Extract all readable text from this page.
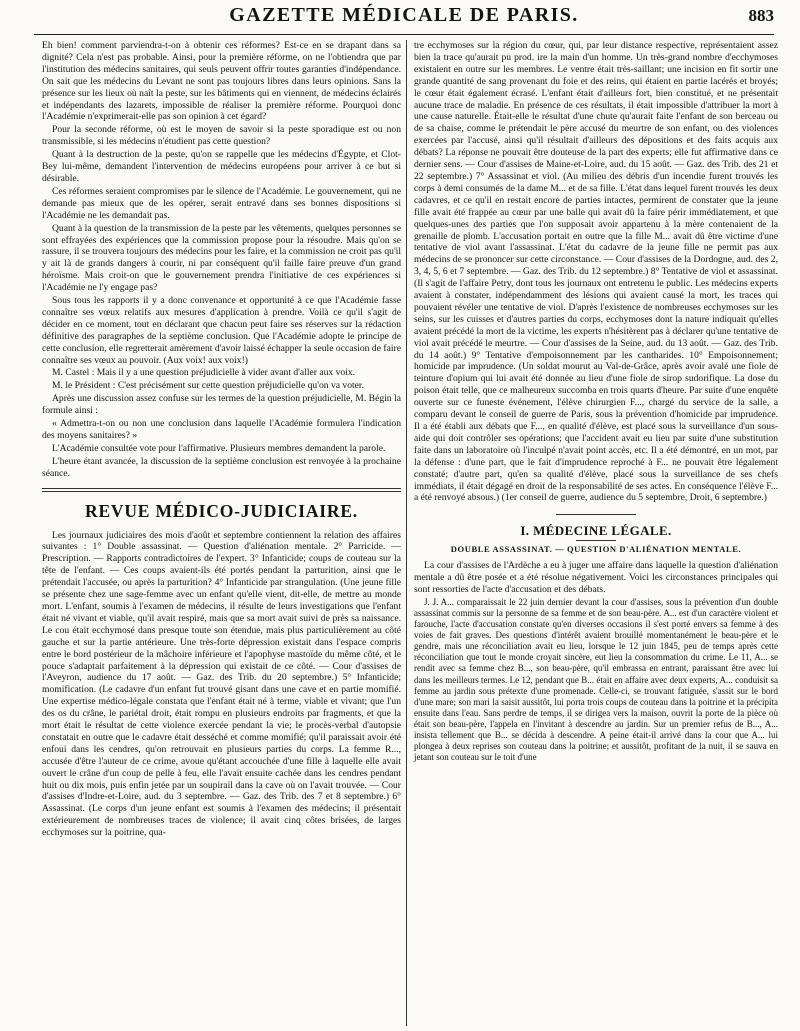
GAZETTE MÉDICALE DE PARIS.	883

Eh bien! comment parviendra-t-on à obtenir ces réformes? Est-ce en se drapant dans sa dignité? Cela n'est pas probable. Ainsi, pour la première réforme, on ne l'obtiendra que par l'institution des médecins sanitaires, qui seuls peuvent offrir toutes garanties d'indépendance. On sait que les médecins du Levant ne sont pas toujours libres dans leurs opinions. Sans la présence sur les lieux où naît la peste, sur les bâtiments qui en viennent, de médecins éclairés et indépendants des lazarets, impossible de réaliser la première réforme. Pourquoi donc l'Académie n'exprimerait-elle pas son opinion à cet égard?

Pour la seconde réforme, où est le moyen de savoir si la peste sporadique est ou non transmissible, si les médecins n'étudient pas cette question?

Quant à la destruction de la peste, qu'on se rappelle que les médecins d'Égypte, et Clot-Bey lui-même, demandent l'intervention de médecins européens pour arriver à ce but si désirable.

Ces réformes seraient compromises par le silence de l'Académie. Le gouvernement, qui ne demande pas mieux que de les opérer, serait entravé dans ses bonnes dispositions si l'Académie ne les demandait pas.

Quant à la question de la transmission de la peste par les vêtements, quelques personnes se sont effrayées des expériences que la commission propose pour la résoudre. Mais qu'on se rassure, il se trouvera toujours des médecins pour les faire, et la commission ne croit pas qu'il y ait là de grands dangers à courir, ni par conséquent qu'il faille faire preuve d'un grand héroïsme. Mais croit-on que le gouvernement prendra l'initiative de ces expériences si l'Académie ne l'y engage pas?

Sous tous les rapports il y a donc convenance et opportunité à ce que l'Académie fasse connaître ses vœux relatifs aux mesures d'application à prendre. Voilà ce qu'il s'agit de décider en ce moment, tout en déclarant que chacun peut faire ses réserves sur la rédaction définitive des paragraphes de la septième conclusion. Que l'Académie adopte le principe de cette conclusion, elle regretterait amèrement d'avoir laissé échapper la seule occasion de faire connaître ses vœux au pouvoir. (Aux voix! aux voix!)

M. Castel : Mais il y a une question préjudicielle à vider avant d'aller aux voix.

M. le Président : C'est précisément sur cette question préjudicielle qu'on va voter.

Après une discussion assez confuse sur les termes de la question préjudicielle, M. Bégin la formule ainsi :

« Admettra-t-on ou non une conclusion dans laquelle l'Académie formulera l'indication des moyens sanitaires? »

L'Académie consultée vote pour l'affirmative. Plusieurs membres demandent la parole.

L'heure étant avancée, la discussion de la septième conclusion est renvoyée à la prochaine séance.

REVUE MÉDICO-JUDICIAIRE.

Les journaux judiciaires des mois d'août et septembre contiennent la relation des affaires suivantes : 1° Double assassinat. — Question d'aliénation mentale. 2° Parricide. — Prescription. — Rapports contradictoires de l'expert. 3° Infanticide; coups de couteau sur la tête de l'enfant. — Ces coups avaient-ils été portés pendant la parturition, ainsi que le prétendait l'accusée, ou après la parturition? 4° Infanticide par strangulation. (Une jeune fille se présente chez une sage-femme avec un enfant qu'elle vient, dit-elle, de mettre au monde mort. L'enfant, soumis à l'examen de médecins, il résulte de leurs investigations que l'enfant était né vivant et viable, qu'il avait respiré, mais que sa mort avait suivi de près sa naissance. Le cou était ecchymosé dans presque toute son étendue, mais plus particulièrement au côté gauche et sur la partie antérieure. Une très-forte dépression existait dans l'espace compris entre le bord postérieur de la mâchoire inférieure et l'apophyse mastoïde du même côté, et le pouce s'adaptait parfaitement à la dépression qui existait de ce côté. — Cour d'assises de l'Aveyron, audience du 17 août. — Gaz. des Trib. du 20 septembre.) 5° Infanticide; momification. (Le cadavre d'un enfant fut trouvé gisant dans une cave et en partie momifié. Une expertise médico-légale constata que l'enfant était né à terme, viable et vivant; que l'un des os du crâne, le pariétal droit, était rompu en plusieurs endroits par fragments, et que la mort était le résultat de cette violence exercée pendant la vie; le procès-verbal d'autopsie constatait en outre que le cadavre était desséché et comme momifié; qu'il paraissait avoir été enfoui dans les cendres, qu'on retrouvait en plusieurs parties du corps. La femme R..., accusée d'être l'auteur de ce crime, avoue qu'étant accouchée d'une fille à laquelle elle avait ouvert le crâne d'un coup de pelle à feu, elle l'avait ensuite cachée dans les cendres pendant huit ou dix mois, puis enfin jetée par un soupirail dans la cave où on l'avait trouvée. — Cour d'assises d'Indre-et-Loire, aud. du 3 septembre. — Gaz. des Trib. des 7 et 8 septembre.) 6° Assassinat. (Le corps d'un jeune enfant est soumis à l'examen des médecins; il présentait extérieurement de nombreuses traces de violence; il avait cinq côtes brisées, de larges ecchymoses sur la poitrine, qua-

tre ecchymoses sur la région du cœur, qui, par leur distance respective, représentaient assez bien la trace qu'aurait pu prod. ire la main d'un homme. Un très-grand nombre d'ecchymoses existaient en outre sur les membres. Le ventre était très-saillant; une incision en fit sortir une grande quantité de sang provenant du foie et des reins, qui étaient en partie lacérés et broyés; le cœur était également écrasé. L'enfant était d'ailleurs fort, bien constitué, et ne présentait aucune trace de maladie. En présence de ces résultats, il était impossible d'attribuer la mort à une cause naturelle. Était-elle le résultat d'une chute qu'aurait faite l'enfant de son berceau ou de sa chaise, comme le prétendait le père accusé du meurtre de son enfant, ou des violences exercées par l'accusé, ainsi qu'il résultait d'ailleurs des dépositions et des faits acquis aux débats? La réponse ne pouvait être douteuse de la part des experts; elle fut affirmative dans ce dernier sens. — Cour d'assises de Maine-et-Loire, aud. du 15 août. — Gaz. des Trib. des 21 et 22 septembre.) 7° Assassinat et viol. (Au milieu des débris d'un incendie furent trouvés les corps à demi consumés de la dame M... et de sa fille. L'état dans lequel furent trouvés les deux cadavres, et ce qu'il en restait encore de parties intactes, permirent de constater que la jeune fille avait été frappée au cœur par une balle qui avait dû la faire périr immédiatement, et que quelques-unes des parties que l'on supposait avoir appartenu à la mère contenaient de la grenaille de plomb. L'accusation portait en outre que la fille M... avait dû être victime d'une tentative de viol avant l'assassinat. L'état du cadavre de la jeune fille ne permit pas aux médecins de se prononcer sur cette circonstance. — Cour d'assises de la Dordogne, aud. des 2, 3, 4, 5, 6 et 7 septembre. — Gaz. des Trib. du 12 septembre.) 8° Tentative de viol et assassinat. (Il s'agit de l'affaire Petry, dont tous les journaux ont entretenu le public. Les médecins experts avaient à constater, indépendamment des lésions qui avaient causé la mort, les traces qui pouvaient révéler une tentative de viol. D'après l'existence de nombreuses ecchymoses sur les seins, sur les cuisses et d'autres parties du corps, ecchymoses dont la nature indiquait qu'elles avaient précédé la mort de la victime, les experts n'hésitèrent pas à déclarer qu'une tentative de viol avait précédé le meurtre. — Cour d'assises de la Seine, aud. du 13 août. — Gaz. des Trib. du 14 août.) 9° Tentative d'empoisonnement par les cantharides. 10° Empoisonnement; homicide par imprudence. (Un soldat mourut au Val-de-Grâce, après avoir avalé une fiole de teinture d'opium qui lui avait été donnée au lieu d'une fiole de sirop sudorifique. La dose du poison était telle, que ce malheureux succomba en trois quarts d'heure. Par suite d'une enquête ouverte sur ce funeste événement, l'élève chirurgien F..., chargé du service de la salle, a comparu devant le conseil de guerre de Paris, sous la prévention d'homicide par imprudence. Il a été établi aux débats que F..., en qualité d'élève, est placé sous la surveillance d'un sous-aide qui doit contrôler ses opérations; que l'accident avait eu lieu par suite d'une substitution faite dans un laboratoire où l'inculpé n'avait point accès, etc. Il a été démontré, en un mot, par la défense : d'une part, que le fait d'imprudence reproché à F... ne pouvait être légalement constaté; d'autre part, qu'en sa qualité d'élève, placé sous la surveillance de ses chefs immédiats, il était dégagé en droit de la responsabilité de ses actes. En conséquence l'élève F... a été renvoyé absous.) (1er conseil de guerre, audience du 5 septembre, Droit, 6 septembre.)

I. MÉDECINE LÉGALE.
DOUBLE ASSASSINAT. — QUESTION D'ALIÉNATION MENTALE.

La cour d'assises de l'Ardèche a eu à juger une affaire dans laquelle la question d'aliénation mentale a dû être posée et a été résolue négativement. Voici les circonstances principales qui sont ressorties de l'acte d'accusation et des débats.

J. J. A... comparaissait le 22 juin dernier devant la cour d'assises, sous la prévention d'un double assassinat commis sur la personne de sa femme et de son beau-père. A... est d'un caractère violent et farouche, l'acte d'accusation constate qu'en diverses occasions il s'est porté envers sa femme à des voies de fait graves. Des questions d'intérêt avaient brouillé momentanément le beau-père et le gendre, mais une réconciliation avait eu lieu, lorsque le 12 juin 1845, peu de temps après cette réconciliation que tout le monde croyait sincère, eut lieu la consommation du crime. Le 11, A... se rendit avec sa femme chez B..., son beau-père, qu'il embrassa en entrant, paraissant être avec lui dans les meilleurs termes. Le 12, pendant que B... était en affaire avec deux experts, A... conduisit sa femme au jardin sous prétexte d'une promenade. Celle-ci, se trouvant fatiguée, s'assit sur le bord d'une mare; son mari la saisit aussitôt, lui porta trois coups de couteau dans la poitrine et la précipita ensuite dans l'eau. Sans perdre de temps, il se dirigea vers la maison, ouvrit la porte de la pièce où était son beau-père, l'appela en l'invitant à descendre au jardin. Sur un premier refus de B..., A... insista tellement que B... se décida à descendre. A peine était-il arrivé dans la cour que A... lui plongea à deux reprises son couteau dans la poitrine; et aussitôt, profitant de la nuit, il se sauva en jetant son couteau sur le toit d'une
